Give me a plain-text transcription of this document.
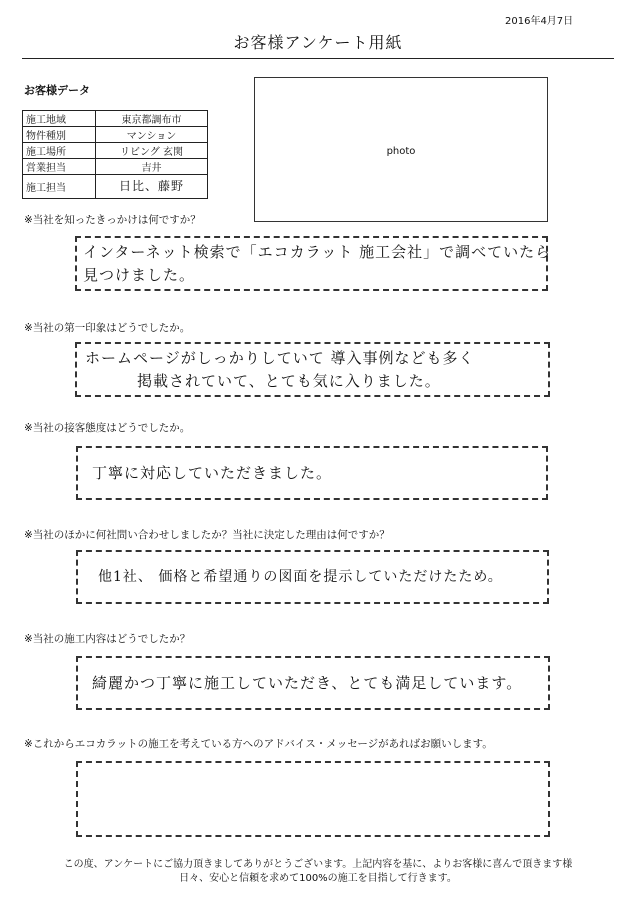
2016年4月7日
お客様アンケート用紙
お客様データ
施工地域	東京都調布市
物件種別	マンション
施工場所	リビング 玄関
営業担当	吉井
施工担当	日比、藤野
photo
※当社を知ったきっかけは何ですか？
インターネット検索で「エコカラット 施工会社」で調べていたら
見つけました。
※当社の第一印象はどうでしたか。
ホームページがしっかりしていて 導入事例なども多く
掲載されていて、とても気に入りました。
※当社の接客態度はどうでしたか。
丁寧に対応していただきました。
※当社のほかに何社問い合わせしましたか？当社に決定した理由は何ですか？
他1社、 価格と希望通りの図面を提示していただけたため。
※当社の施工内容はどうでしたか？
綺麗かつ丁寧に施工していただき、とても満足しています。
※これからエコカラットの施工を考えている方へのアドバイス・メッセージがあればお願いします。
この度、アンケートにご協力頂きましてありがとうございます。上記内容を基に、よりお客様に喜んで頂きます様
日々、安心と信頼を求めて100%の施工を目指して行きます。
